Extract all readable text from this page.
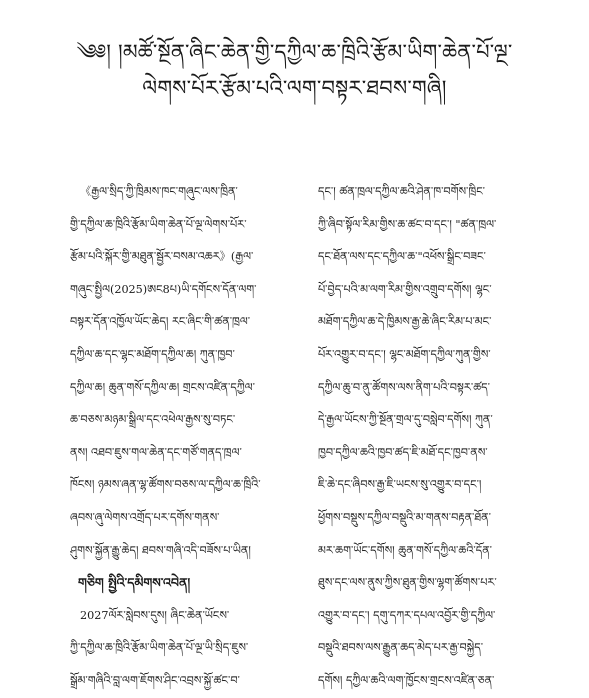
༄༅། །མཚོ་སྔོན་ཞིང་ཆེན་གྱི་དཀྱིལ་ཆ་ཁྲིའི་རྩོམ་ཡིག་ཆེན་པོ་ལྔ་
ལེགས་པོར་རྩོམ་པའི་ལག་བསྟར་ཐབས་གཞི།
《རྒྱལ་སྲིད་ཀྱི་ཁྲིམས་ཁང་གཞུང་ལས་ཁྲིན་
གྱི་དཀྱིལ་ཆ་ཁྲིའི་རྩོམ་ཡིག་ཆེན་པོ་ལྔ་ལེགས་པོར་
རྩོམ་པའི་སྐོར་གྱི་མཐུན་སྦྱོར་བསམ་འཆར》(རྒྱལ་
གཞུང་སྤྱིལ(2025)ཨང8པ)ཡི་དགོངས་དོན་ལག་
བསྟར་དོན་འཁྱོལ་ཡོང་ཆེད། རང་ཞིང་གི་ཚན་ཁྲལ་
དཀྱིལ་ཆ་དང་ལྷང་མཐོག་དཀྱིལ་ཆ། ཀུན་ཁྱབ་
དཀྱིལ་ཆ། ཆུན་གསོ་དཀྱིལ་ཆ། གྲངས་འཛིན་དཀྱིལ་
ཆ་བཅས་མཉམ་སྒྲིལ་དང་འཕེལ་རྒྱས་སུ་བཏང་
ནས། འཐབ་ཇུས་གལ་ཆེན་དང་གཙོ་གནད་ཁྲལ་
ཁོངས། ཉམས་ཞན་ལྷ་ཚོགས་བཅས་ལ་དཀྱིལ་ཆ་ཁྲིའི་
ཞབས་ཞུ་ལེགས་འགྲོད་པར་དགོས་གནས་
ཤུགས་སྐྱོན་རྒྱུ་ཆེད། ཐབས་གཞི་འདི་བཟོས་པ་ཡིན།
གཅིག སྤྱིའི་དམིགས་འབེན།
2027ལོར་སླེབས་དུས། ཞིང་ཆེན་ཡོངས་
ཀྱི་དཀྱིལ་ཆ་ཁྲིའི་རྩོམ་ཡིག་ཆེན་པོ་ལྔ་ཡི་སྲིད་ཇུས་
སྒྲོམ་གཞིའི་བླ་ལག་ཇོགས་ཤིང་འབྲས་སྐྱོ་ཚང་བ་
དང་། ཚན་ཁྲལ་དཀྱིལ་ཆའི་ཤེན་ཁ་བགོས་ཁྲིང་
ཀྱི་ཞིབ་སྟོལ་རིམ་གྱིས་ཆ་ཚང་བ་དང་། "ཚན་ཁྲལ་
དང་ཐོན་ལས་དང་དཀྱིལ་ཆ་"འཕོས་སྒྲིང་བཟང་
པོ་བྱེད་པའི་མ་ལག་རིམ་གྱིས་འགྲུབ་དགོས། ལྷང་
མཐོག་དཀྱིལ་ཆ་དེ་ཁྱིམས་རྒྱ་ཆེ་ཞིང་རིམ་པ་མང་
པོར་འགྱུར་བ་དང་། ལྷང་མཐོག་དཀྱིལ་ཀུན་གྱིས་
དཀྱིལ་ཆུ་བ་ནུ་ཚོགས་ལས་ནིག་པའི་བསྟར་ཚད་
དེ་རྒྱལ་ཡོངས་ཀྱི་སྔོན་གྲལ་དུ་བསླེབ་དགོས། ཀུན་
ཁྱབ་དཀྱིལ་ཆའི་ཁྱབ་ཚད་ཇི་མཐོ་དང་ཁྱབ་ནས་
ཇི་ཆེ་དང་ཞིབས་རྒྱ་ཇི་ཡངས་སུ་འགྱུར་བ་དང་།
ཕྱོགས་བསྡུས་དཀྱིལ་བསྡུའི་མ་གནས་བརྟན་ཐོན་
མར་ཆག་ཡོང་དགོས། ཆུན་གསོ་དཀྱིལ་ཆའི་དོན་
ཐུས་དང་ལས་ནུས་ཀྱིས་ཐུན་གྱིས་ལྷག་ཚོགས་པར་
འགྱུར་བ་དང་། དགུ་དཀར་དཔལ་འབྱོར་གྱི་དཀྱིལ་
བསྡུའི་ཐབས་ལས་རྒྱུན་ཆད་མེད་པར་རྒྱ་བསྐྱེད་
དགོས། དཀྱིལ་ཆའི་ལག་ཁྱོངས་གྲངས་འཛིན་ཅན་
